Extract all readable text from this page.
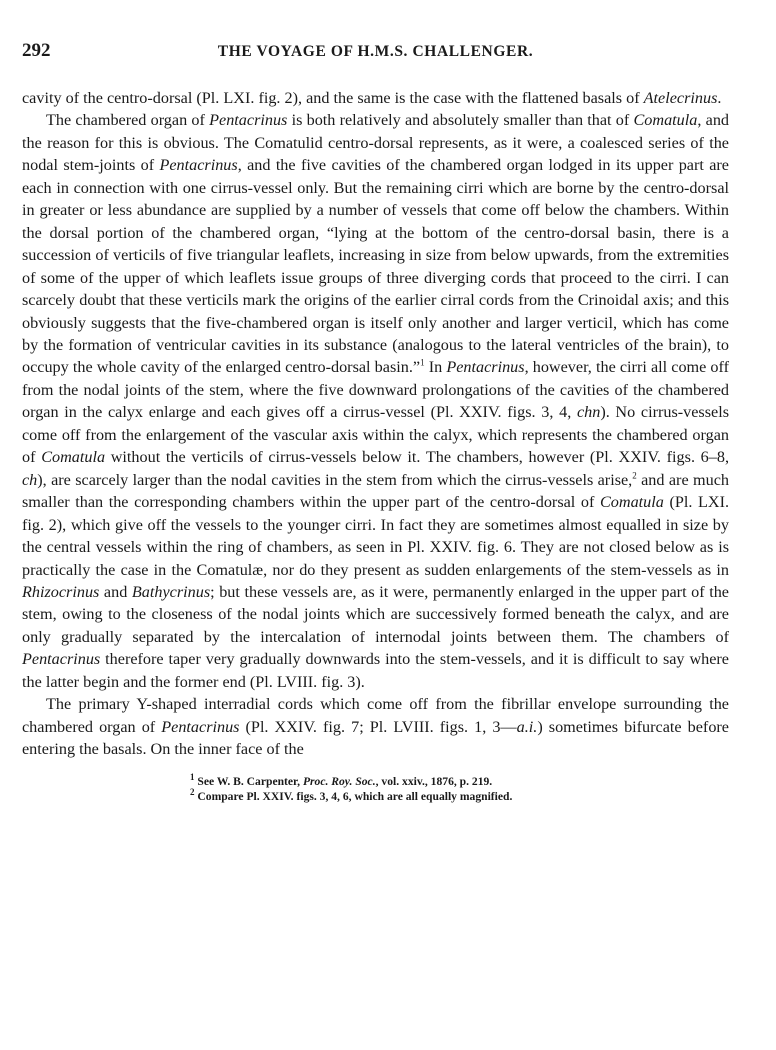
292	THE VOYAGE OF H.M.S. CHALLENGER.

cavity of the centro-dorsal (Pl. LXI. fig. 2), and the same is the case with the flattened basals of Atelecrinus.

The chambered organ of Pentacrinus is both relatively and absolutely smaller than that of Comatula, and the reason for this is obvious. The Comatulid centro-dorsal represents, as it were, a coalesced series of the nodal stem-joints of Pentacrinus, and the five cavities of the chambered organ lodged in its upper part are each in connection with one cirrus-vessel only. But the remaining cirri which are borne by the centro-dorsal in greater or less abundance are supplied by a number of vessels that come off below the chambers. Within the dorsal portion of the chambered organ, “lying at the bottom of the centro-dorsal basin, there is a succession of verticils of five triangular leaflets, increasing in size from below upwards, from the extremities of some of the upper of which leaflets issue groups of three diverging cords that proceed to the cirri. I can scarcely doubt that these verticils mark the origins of the earlier cirral cords from the Crinoidal axis; and this obviously suggests that the five-chambered organ is itself only another and larger verticil, which has come by the formation of ventricular cavities in its substance (analogous to the lateral ventricles of the brain), to occupy the whole cavity of the enlarged centro-dorsal basin.”$^1$ In Pentacrinus, however, the cirri all come off from the nodal joints of the stem, where the five downward prolongations of the cavities of the chambered organ in the calyx enlarge and each gives off a cirrus-vessel (Pl. XXIV. figs. 3, 4, chn). No cirrus-vessels come off from the enlargement of the vascular axis within the calyx, which represents the chambered organ of Comatula without the verticils of cirrus-vessels below it. The chambers, however (Pl. XXIV. figs. 6–8, ch), are scarcely larger than the nodal cavities in the stem from which the cirrus-vessels arise,$^2$ and are much smaller than the corresponding chambers within the upper part of the centro-dorsal of Comatula (Pl. LXI. fig. 2), which give off the vessels to the younger cirri. In fact they are sometimes almost equalled in size by the central vessels within the ring of chambers, as seen in Pl. XXIV. fig. 6. They are not closed below as is practically the case in the Comatulæ, nor do they present as sudden enlargements of the stem-vessels as in Rhizocrinus and Bathycrinus; but these vessels are, as it were, permanently enlarged in the upper part of the stem, owing to the closeness of the nodal joints which are successively formed beneath the calyx, and are only gradually separated by the intercalation of internodal joints between them. The chambers of Pentacrinus therefore taper very gradually downwards into the stem-vessels, and it is difficult to say where the latter begin and the former end (Pl. LVIII. fig. 3).

The primary Y-shaped interradial cords which come off from the fibrillar envelope surrounding the chambered organ of Pentacrinus (Pl. XXIV. fig. 7; Pl. LVIII. figs. 1, 3—a.i.) sometimes bifurcate before entering the basals. On the inner face of the

$^1$ See W. B. Carpenter, Proc. Roy. Soc., vol. xxiv., 1876, p. 219.
$^2$ Compare Pl. XXIV. figs. 3, 4, 6, which are all equally magnified.
